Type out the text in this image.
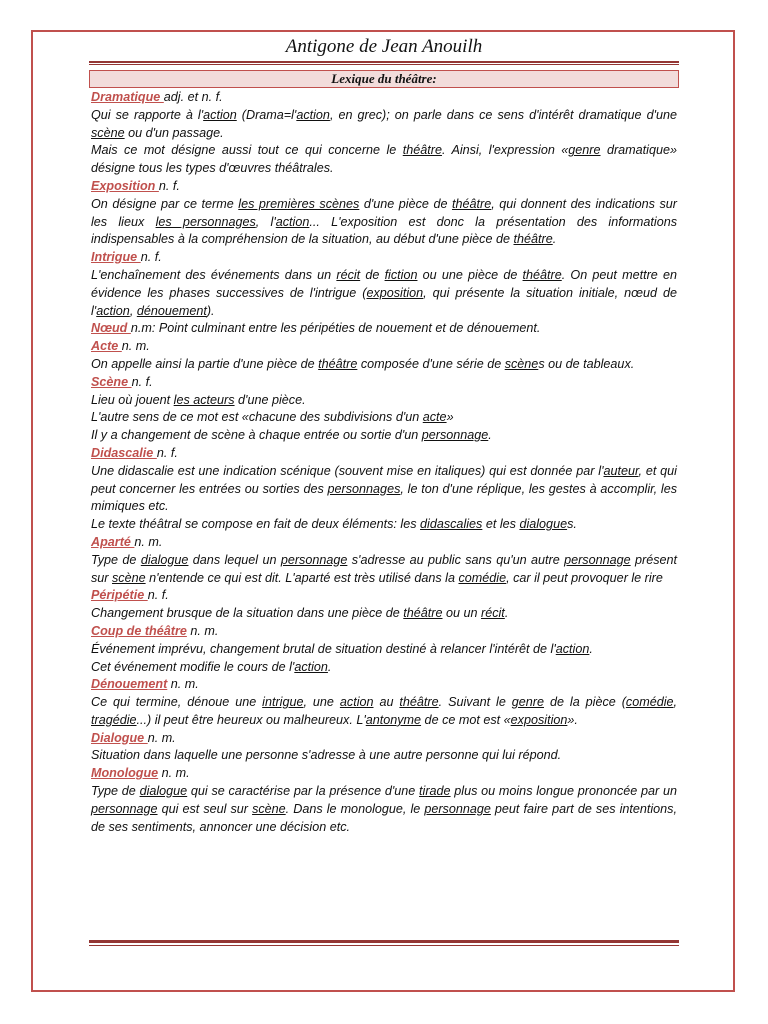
Antigone de Jean Anouilh
Lexique du théâtre:

Dramatique adj. et n. f.

Qui se rapporte à l'action (Drama=l'action, en grec); on parle dans ce sens d'intérêt dramatique d'une scène ou d'un passage.

Mais ce mot désigne aussi tout ce qui concerne le théâtre. Ainsi, l'expression «genre dramatique» désigne tous les types d'œuvres théâtrales.

Exposition n. f.

On désigne par ce terme les premières scènes d'une pièce de théâtre, qui donnent des indications sur les lieux les personnages, l'action... L'exposition est donc la présentation des informations indispensables à la compréhension de la situation, au début d'une pièce de théâtre.

Intrigue n. f.

L'enchaînement des événements dans un récit de fiction ou une pièce de théâtre. On peut mettre en évidence les phases successives de l'intrigue (exposition, qui présente la situation initiale, nœud de l'action, dénouement).

Nœud n.m: Point culminant entre les péripéties de nouement et de dénouement.

Acte n. m.

On appelle ainsi la partie d'une pièce de théâtre composée d'une série de scènes ou de tableaux.

Scène n. f.

Lieu où jouent les acteurs d'une pièce.

L'autre sens de ce mot est «chacune des subdivisions d'un acte»

Il y a changement de scène à chaque entrée ou sortie d'un personnage.

Didascalie n. f.

Une didascalie est une indication scénique (souvent mise en italiques) qui est donnée par l'auteur, et qui peut concerner les entrées ou sorties des personnages, le ton d'une réplique, les gestes à accomplir, les mimiques etc.

Le texte théâtral se compose en fait de deux éléments: les didascalies et les dialogues.

Aparté n. m.

Type de dialogue dans lequel un personnage s'adresse au public sans qu'un autre personnage présent sur scène n'entende ce qui est dit. L'aparté est très utilisé dans la comédie, car il peut provoquer le rire

Péripétie n. f.

Changement brusque de la situation dans une pièce de théâtre ou un récit.

Coup de théâtre n. m.

Événement imprévu, changement brutal de situation destiné à relancer l'intérêt de l'action.

Cet événement modifie le cours de l'action.

Dénouement n. m.

Ce qui termine, dénoue une intrigue, une action au théâtre. Suivant le genre de la pièce (comédie, tragédie...) il peut être heureux ou malheureux. L'antonyme de ce mot est «exposition».

Dialogue n. m.

Situation dans laquelle une personne s'adresse à une autre personne qui lui répond.

Monologue n. m.

Type de dialogue qui se caractérise par la présence d'une tirade plus ou moins longue prononcée par un personnage qui est seul sur scène. Dans le monologue, le personnage peut faire part de ses intentions, de ses sentiments, annoncer une décision etc.
